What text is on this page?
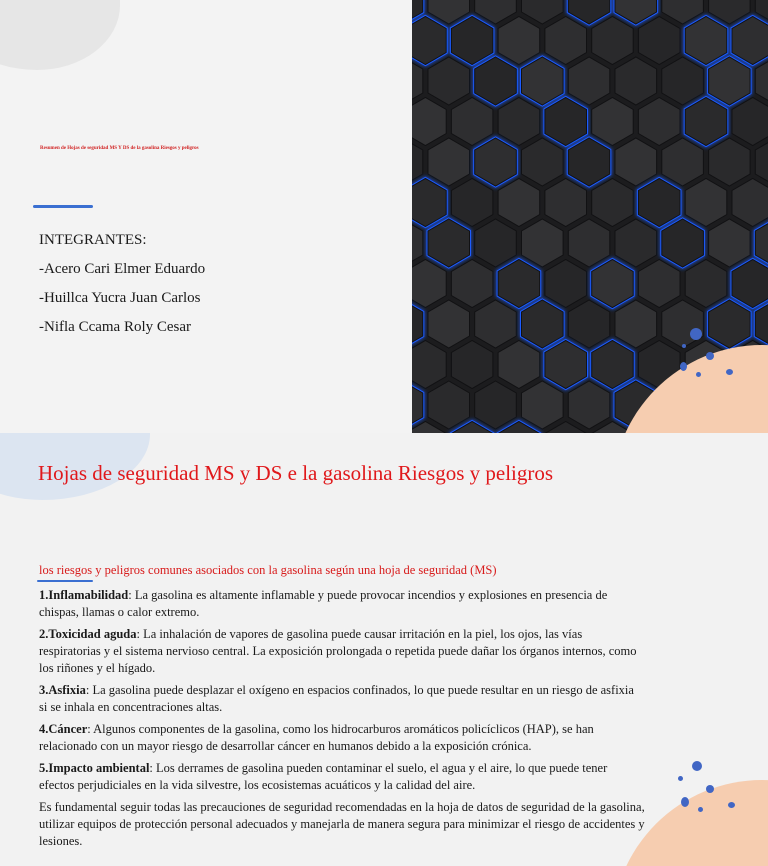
Resumen de Hojas de seguridad MS Y DS de la gasolina Riesgos y peligros
INTEGRANTES:
-Acero Cari Elmer Eduardo
-Huillca Yucra Juan Carlos
-Nifla Ccama Roly Cesar
Hojas de seguridad MS y DS e la gasolina Riesgos y peligros
los riesgos y peligros comunes asociados con la gasolina según una hoja de seguridad (MS)

1.Inflamabilidad: La gasolina es altamente inflamable y puede provocar incendios y explosiones en presencia de chispas, llamas o calor extremo.

2.Toxicidad aguda: La inhalación de vapores de gasolina puede causar irritación en la piel, los ojos, las vías respiratorias y el sistema nervioso central. La exposición prolongada o repetida puede dañar los órganos internos, como los riñones y el hígado.

3.Asfixia: La gasolina puede desplazar el oxígeno en espacios confinados, lo que puede resultar en un riesgo de asfixia si se inhala en concentraciones altas.

4.Cáncer: Algunos componentes de la gasolina, como los hidrocarburos aromáticos policíclicos (HAP), se han relacionado con un mayor riesgo de desarrollar cáncer en humanos debido a la exposición crónica.

5.Impacto ambiental: Los derrames de gasolina pueden contaminar el suelo, el agua y el aire, lo que puede tener efectos perjudiciales en la vida silvestre, los ecosistemas acuáticos y la calidad del aire.

Es fundamental seguir todas las precauciones de seguridad recomendadas en la hoja de datos de seguridad de la gasolina, utilizar equipos de protección personal adecuados y manejarla de manera segura para minimizar el riesgo de accidentes y lesiones.
